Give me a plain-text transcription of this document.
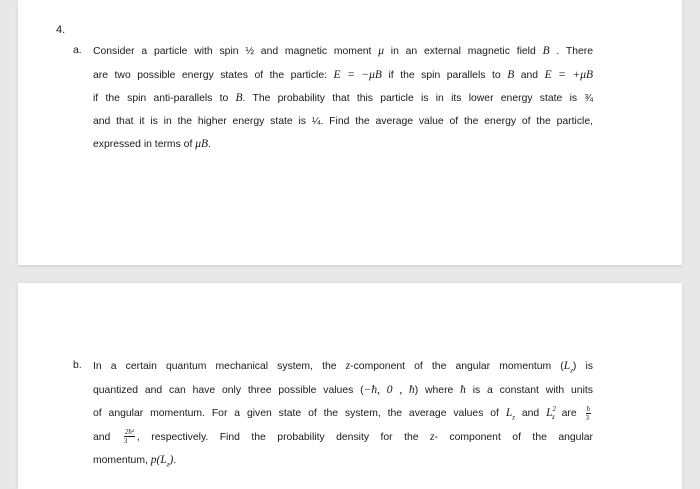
4.
a. Consider a particle with spin ½ and magnetic moment μ in an external magnetic field B . There
are two possible energy states of the particle: E = −μB if the spin parallels to B and E = +μB
if the spin anti-parallels to B. The probability that this particle is in its lower energy state is ¾
and that it is in the higher energy state is ¼. Find the average value of the energy of the particle,
expressed in terms of μB.
b. In a certain quantum mechanical system, the z-component of the angular momentum $(L_z)$ is
quantized and can have only three possible values (−ħ, 0 , ħ) where ħ is a constant with units
of angular momentum. For a given state of the system, the average values of $L_z$ and $L^2_z$ are $\frac{ħ}{3}$
and $\frac{\text{2ħ²}}{3}$ , respectively. Find the probability density for the z- component of the angular
momentum, $p(L_z)$.
